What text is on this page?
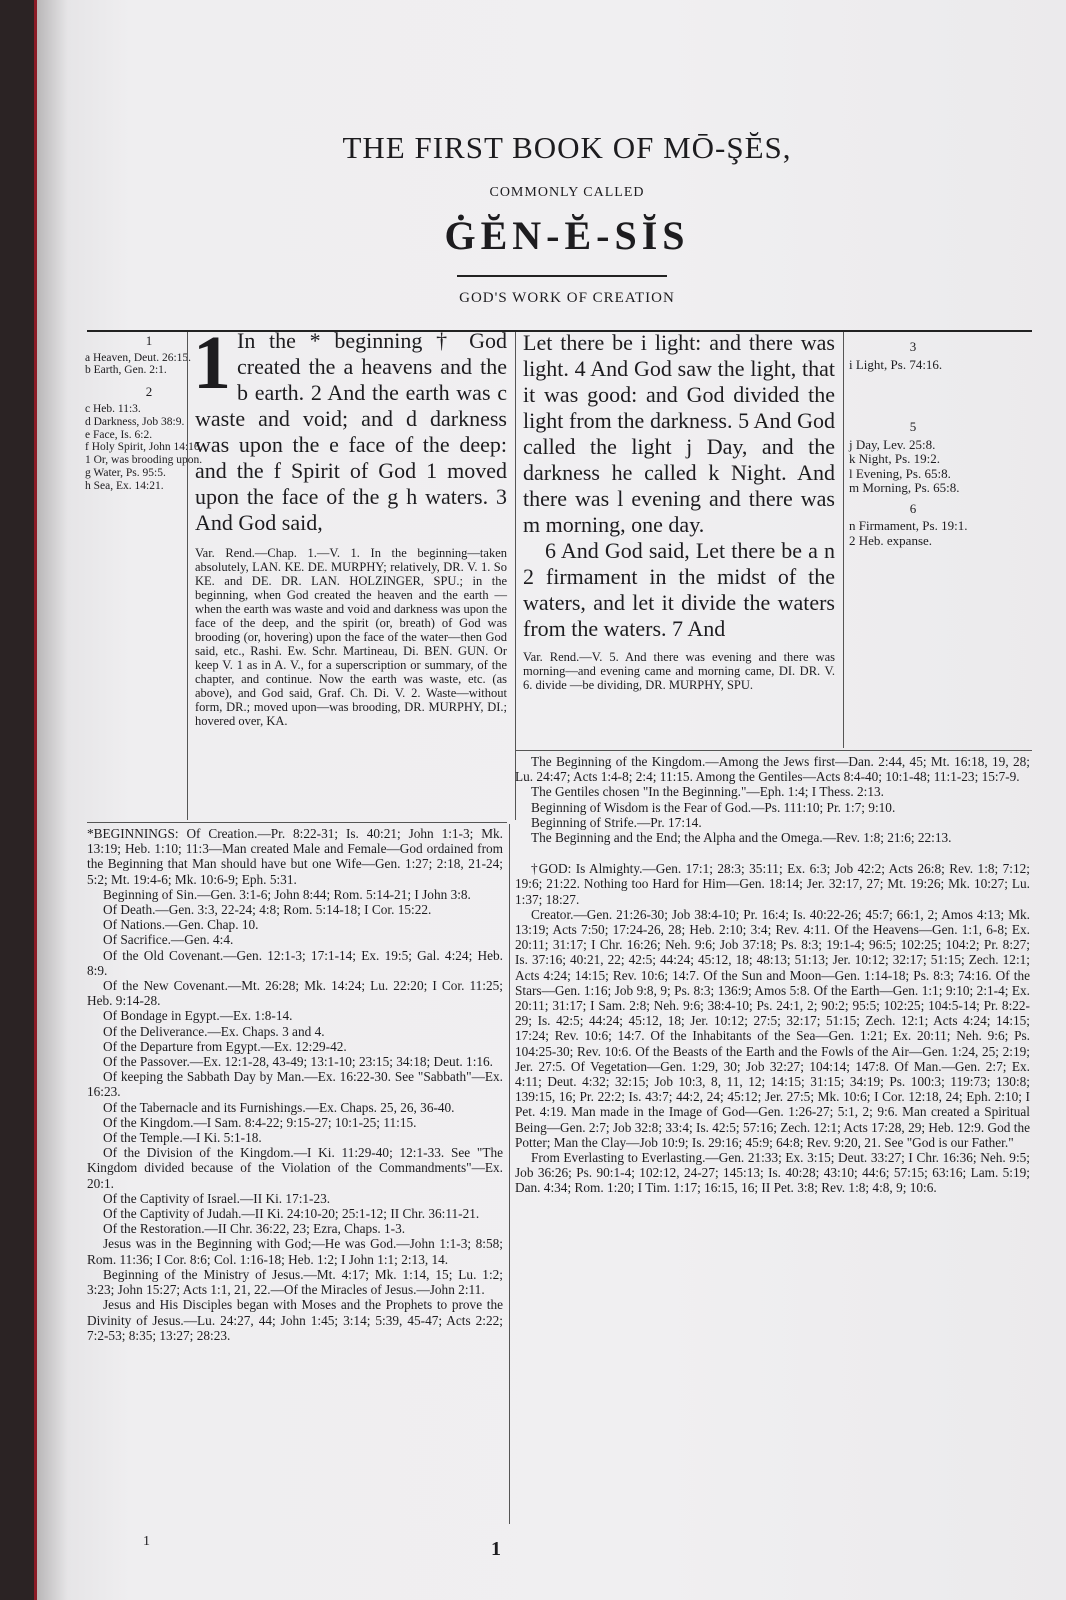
THE FIRST BOOK OF MŌ-ŞĔS,
COMMONLY CALLED
ĠĔN-Ĕ-SĬS
GOD'S WORK OF CREATION
1
a Heaven, Deut. 26:15.
b Earth, Gen. 2:1.
2
c Heb. 11:3.
d Darkness, Job 38:9.
e Face, Is. 6:2.
f Holy Spirit, John 14:16.
1 Or, was brooding upon.
g Water, Ps. 95:5.
h Sea, Ex. 14:21.
1 In the * beginning † God created the a heavens and the b earth. 2 And the earth was c waste and void; and d darkness was upon the e face of the deep: and the f Spirit of God 1 moved upon the face of the g h waters. 3 And God said,
Var. Rend.—Chap. 1.—V. 1. In the beginning—taken absolutely, LAN. KE. DE. MURPHY; relatively, DR. V. 1. So KE. and DE. DR. LAN. HOLZINGER, SPU.; in the beginning, when God created the heaven and the earth — when the earth was waste and void and darkness was upon the face of the deep, and the spirit (or, breath) of God was brooding (or, hovering) upon the face of the water—then God said, etc., Rashi. Ew. Schr. Martineau, Di. BEN. GUN. Or keep V. 1 as in A. V., for a superscription or summary, of the chapter, and continue. Now the earth was waste, etc. (as above), and God said, Graf. Ch. Di. V. 2. Waste—without form, DR.; moved upon—was brooding, DR. MURPHY, DI.; hovered over, KA.
Let there be i light: and there was light. 4 And God saw the light, that it was good: and God divided the light from the darkness. 5 And God called the light j Day, and the darkness he called k Night. And there was l evening and there was m morning, one day.
6 And God said, Let there be a n 2 firmament in the midst of the waters, and let it divide the waters from the waters. 7 And
Var. Rend.—V. 5. And there was evening and there was morning—and evening came and morning came, DI. DR. V. 6. divide —be dividing, DR. MURPHY, SPU.
3
i Light, Ps. 74:16.
5
j Day, Lev. 25:8.
k Night, Ps. 19:2.
l Evening, Ps. 65:8.
m Morning, Ps. 65:8.
6
n Firmament, Ps. 19:1.
2 Heb. expanse.

*BEGINNINGS: Of Creation.—Pr. 8:22-31; Is. 40:21; John 1:1-3; Mk. 13:19; Heb. 1:10; 11:3—Man created Male and Female—God ordained from the Beginning that Man should have but one Wife—Gen. 1:27; 2:18, 21-24; 5:2; Mt. 19:4-6; Mk. 10:6-9; Eph. 5:31.

Beginning of Sin.—Gen. 3:1-6; John 8:44; Rom. 5:14-21; I John 3:8.

Of Death.—Gen. 3:3, 22-24; 4:8; Rom. 5:14-18; I Cor. 15:22.

Of Nations.—Gen. Chap. 10.

Of Sacrifice.—Gen. 4:4.

Of the Old Covenant.—Gen. 12:1-3; 17:1-14; Ex. 19:5; Gal. 4:24; Heb. 8:9.

Of the New Covenant.—Mt. 26:28; Mk. 14:24; Lu. 22:20; I Cor. 11:25; Heb. 9:14-28.

Of Bondage in Egypt.—Ex. 1:8-14.

Of the Deliverance.—Ex. Chaps. 3 and 4.

Of the Departure from Egypt.—Ex. 12:29-42.

Of the Passover.—Ex. 12:1-28, 43-49; 13:1-10; 23:15; 34:18; Deut. 1:16.

Of keeping the Sabbath Day by Man.—Ex. 16:22-30. See "Sabbath"—Ex. 16:23.

Of the Tabernacle and its Furnishings.—Ex. Chaps. 25, 26, 36-40.

Of the Kingdom.—I Sam. 8:4-22; 9:15-27; 10:1-25; 11:15.

Of the Temple.—I Ki. 5:1-18.

Of the Division of the Kingdom.—I Ki. 11:29-40; 12:1-33. See "The Kingdom divided because of the Violation of the Commandments"—Ex. 20:1.

Of the Captivity of Israel.—II Ki. 17:1-23.

Of the Captivity of Judah.—II Ki. 24:10-20; 25:1-12; II Chr. 36:11-21.

Of the Restoration.—II Chr. 36:22, 23; Ezra, Chaps. 1-3.

Jesus was in the Beginning with God;—He was God.—John 1:1-3; 8:58; Rom. 11:36; I Cor. 8:6; Col. 1:16-18; Heb. 1:2; I John 1:1; 2:13, 14.

Beginning of the Ministry of Jesus.—Mt. 4:17; Mk. 1:14, 15; Lu. 1:2; 3:23; John 15:27; Acts 1:1, 21, 22.—Of the Miracles of Jesus.—John 2:11.

Jesus and His Disciples began with Moses and the Prophets to prove the Divinity of Jesus.—Lu. 24:27, 44; John 1:45; 3:14; 5:39, 45-47; Acts 2:22; 7:2-53; 8:35; 13:27; 28:23.

The Beginning of the Kingdom.—Among the Jews first—Dan. 2:44, 45; Mt. 16:18, 19, 28; Lu. 24:47; Acts 1:4-8; 2:4; 11:15. Among the Gentiles—Acts 8:4-40; 10:1-48; 11:1-23; 15:7-9.

The Gentiles chosen "In the Beginning."—Eph. 1:4; I Thess. 2:13.

Beginning of Wisdom is the Fear of God.—Ps. 111:10; Pr. 1:7; 9:10.

Beginning of Strife.—Pr. 17:14.

The Beginning and the End; the Alpha and the Omega.—Rev. 1:8; 21:6; 22:13.

†GOD: Is Almighty.—Gen. 17:1; 28:3; 35:11; Ex. 6:3; Job 42:2; Acts 26:8; Rev. 1:8; 7:12; 19:6; 21:22. Nothing too Hard for Him—Gen. 18:14; Jer. 32:17, 27; Mt. 19:26; Mk. 10:27; Lu. 1:37; 18:27.

Creator.—Gen. 21:26-30; Job 38:4-10; Pr. 16:4; Is. 40:22-26; 45:7; 66:1, 2; Amos 4:13; Mk. 13:19; Acts 7:50; 17:24-26, 28; Heb. 2:10; 3:4; Rev. 4:11. Of the Heavens—Gen. 1:1, 6-8; Ex. 20:11; 31:17; I Chr. 16:26; Neh. 9:6; Job 37:18; Ps. 8:3; 19:1-4; 96:5; 102:25; 104:2; Pr. 8:27; Is. 37:16; 40:21, 22; 42:5; 44:24; 45:12, 18; 48:13; 51:13; Jer. 10:12; 32:17; 51:15; Zech. 12:1; Acts 4:24; 14:15; Rev. 10:6; 14:7. Of the Sun and Moon—Gen. 1:14-18; Ps. 8:3; 74:16. Of the Stars—Gen. 1:16; Job 9:8, 9; Ps. 8:3; 136:9; Amos 5:8. Of the Earth—Gen. 1:1; 9:10; 2:1-4; Ex. 20:11; 31:17; I Sam. 2:8; Neh. 9:6; 38:4-10; Ps. 24:1, 2; 90:2; 95:5; 102:25; 104:5-14; Pr. 8:22-29; Is. 42:5; 44:24; 45:12, 18; Jer. 10:12; 27:5; 32:17; 51:15; Zech. 12:1; Acts 4:24; 14:15; 17:24; Rev. 10:6; 14:7. Of the Inhabitants of the Sea—Gen. 1:21; Ex. 20:11; Neh. 9:6; Ps. 104:25-30; Rev. 10:6. Of the Beasts of the Earth and the Fowls of the Air—Gen. 1:24, 25; 2:19; Jer. 27:5. Of Vegetation—Gen. 1:29, 30; Job 32:27; 104:14; 147:8. Of Man.—Gen. 2:7; Ex. 4:11; Deut. 4:32; 32:15; Job 10:3, 8, 11, 12; 14:15; 31:15; 34:19; Ps. 100:3; 119:73; 130:8; 139:15, 16; Pr. 22:2; Is. 43:7; 44:2, 24; 45:12; Jer. 27:5; Mk. 10:6; I Cor. 12:18, 24; Eph. 2:10; I Pet. 4:19. Man made in the Image of God—Gen. 1:26-27; 5:1, 2; 9:6. Man created a Spiritual Being—Gen. 2:7; Job 32:8; 33:4; Is. 42:5; 57:16; Zech. 12:1; Acts 17:28, 29; Heb. 12:9. God the Potter; Man the Clay—Job 10:9; Is. 29:16; 45:9; 64:8; Rev. 9:20, 21. See "God is our Father."

From Everlasting to Everlasting.—Gen. 21:33; Ex. 3:15; Deut. 33:27; I Chr. 16:36; Neh. 9:5; Job 36:26; Ps. 90:1-4; 102:12, 24-27; 145:13; Is. 40:28; 43:10; 44:6; 57:15; 63:16; Lam. 5:19; Dan. 4:34; Rom. 1:20; I Tim. 1:17; 16:15, 16; II Pet. 3:8; Rev. 1:8; 4:8, 9; 10:6.

1
1
